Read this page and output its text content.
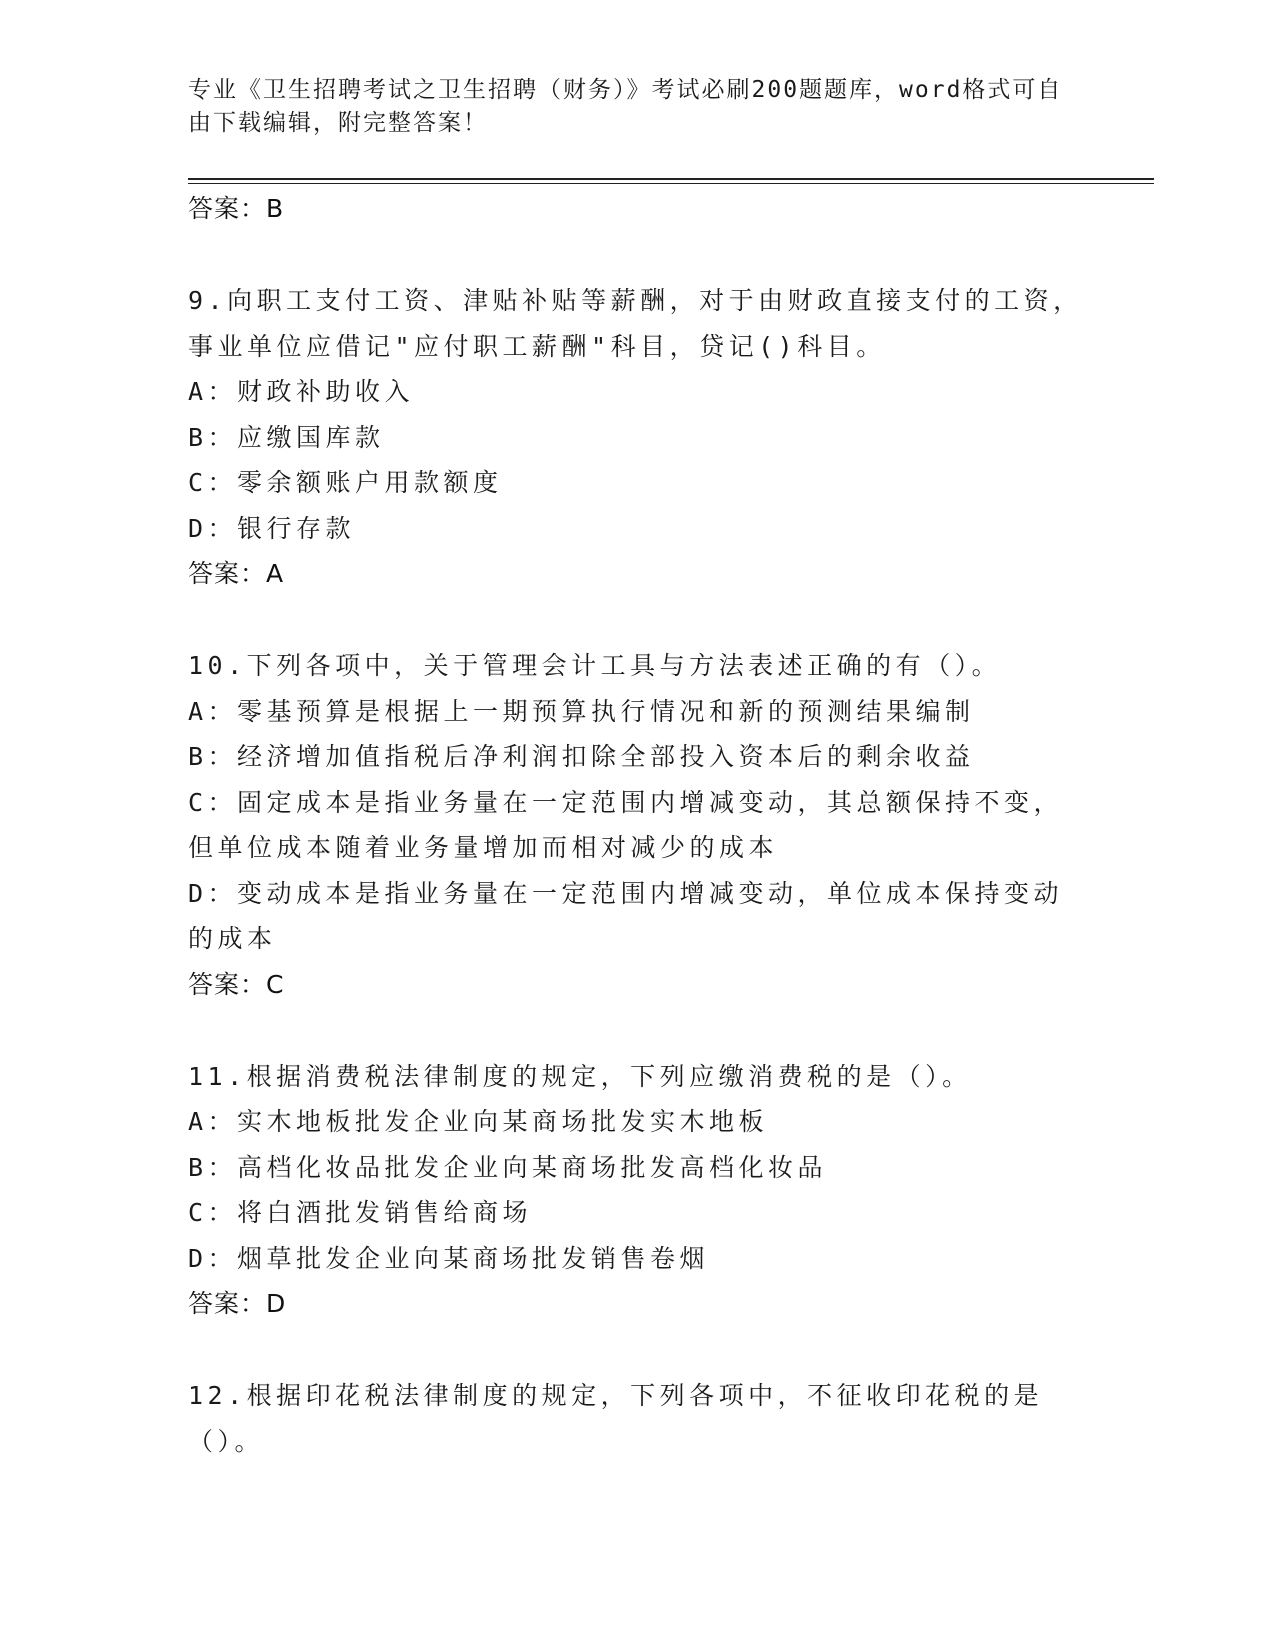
专业《卫生招聘考试之卫生招聘（财务）》考试必刷200题题库，word格式可自由下载编辑，附完整答案！
答案：B
9.向职工支付工资、津贴补贴等薪酬，对于由财政直接支付的工资，事业单位应借记"应付职工薪酬"科目，贷记()科目。
A：财政补助收入
B：应缴国库款
C：零余额账户用款额度
D：银行存款
答案：A
10.下列各项中，关于管理会计工具与方法表述正确的有（）。
A：零基预算是根据上一期预算执行情况和新的预测结果编制
B：经济增加值指税后净利润扣除全部投入资本后的剩余收益
C：固定成本是指业务量在一定范围内增减变动，其总额保持不变，但单位成本随着业务量增加而相对减少的成本
D：变动成本是指业务量在一定范围内增减变动，单位成本保持变动的成本
答案：C
11.根据消费税法律制度的规定，下列应缴消费税的是（）。
A：实木地板批发企业向某商场批发实木地板
B：高档化妆品批发企业向某商场批发高档化妆品
C：将白酒批发销售给商场
D：烟草批发企业向某商场批发销售卷烟
答案：D
12.根据印花税法律制度的规定，下列各项中，不征收印花税的是（）。
